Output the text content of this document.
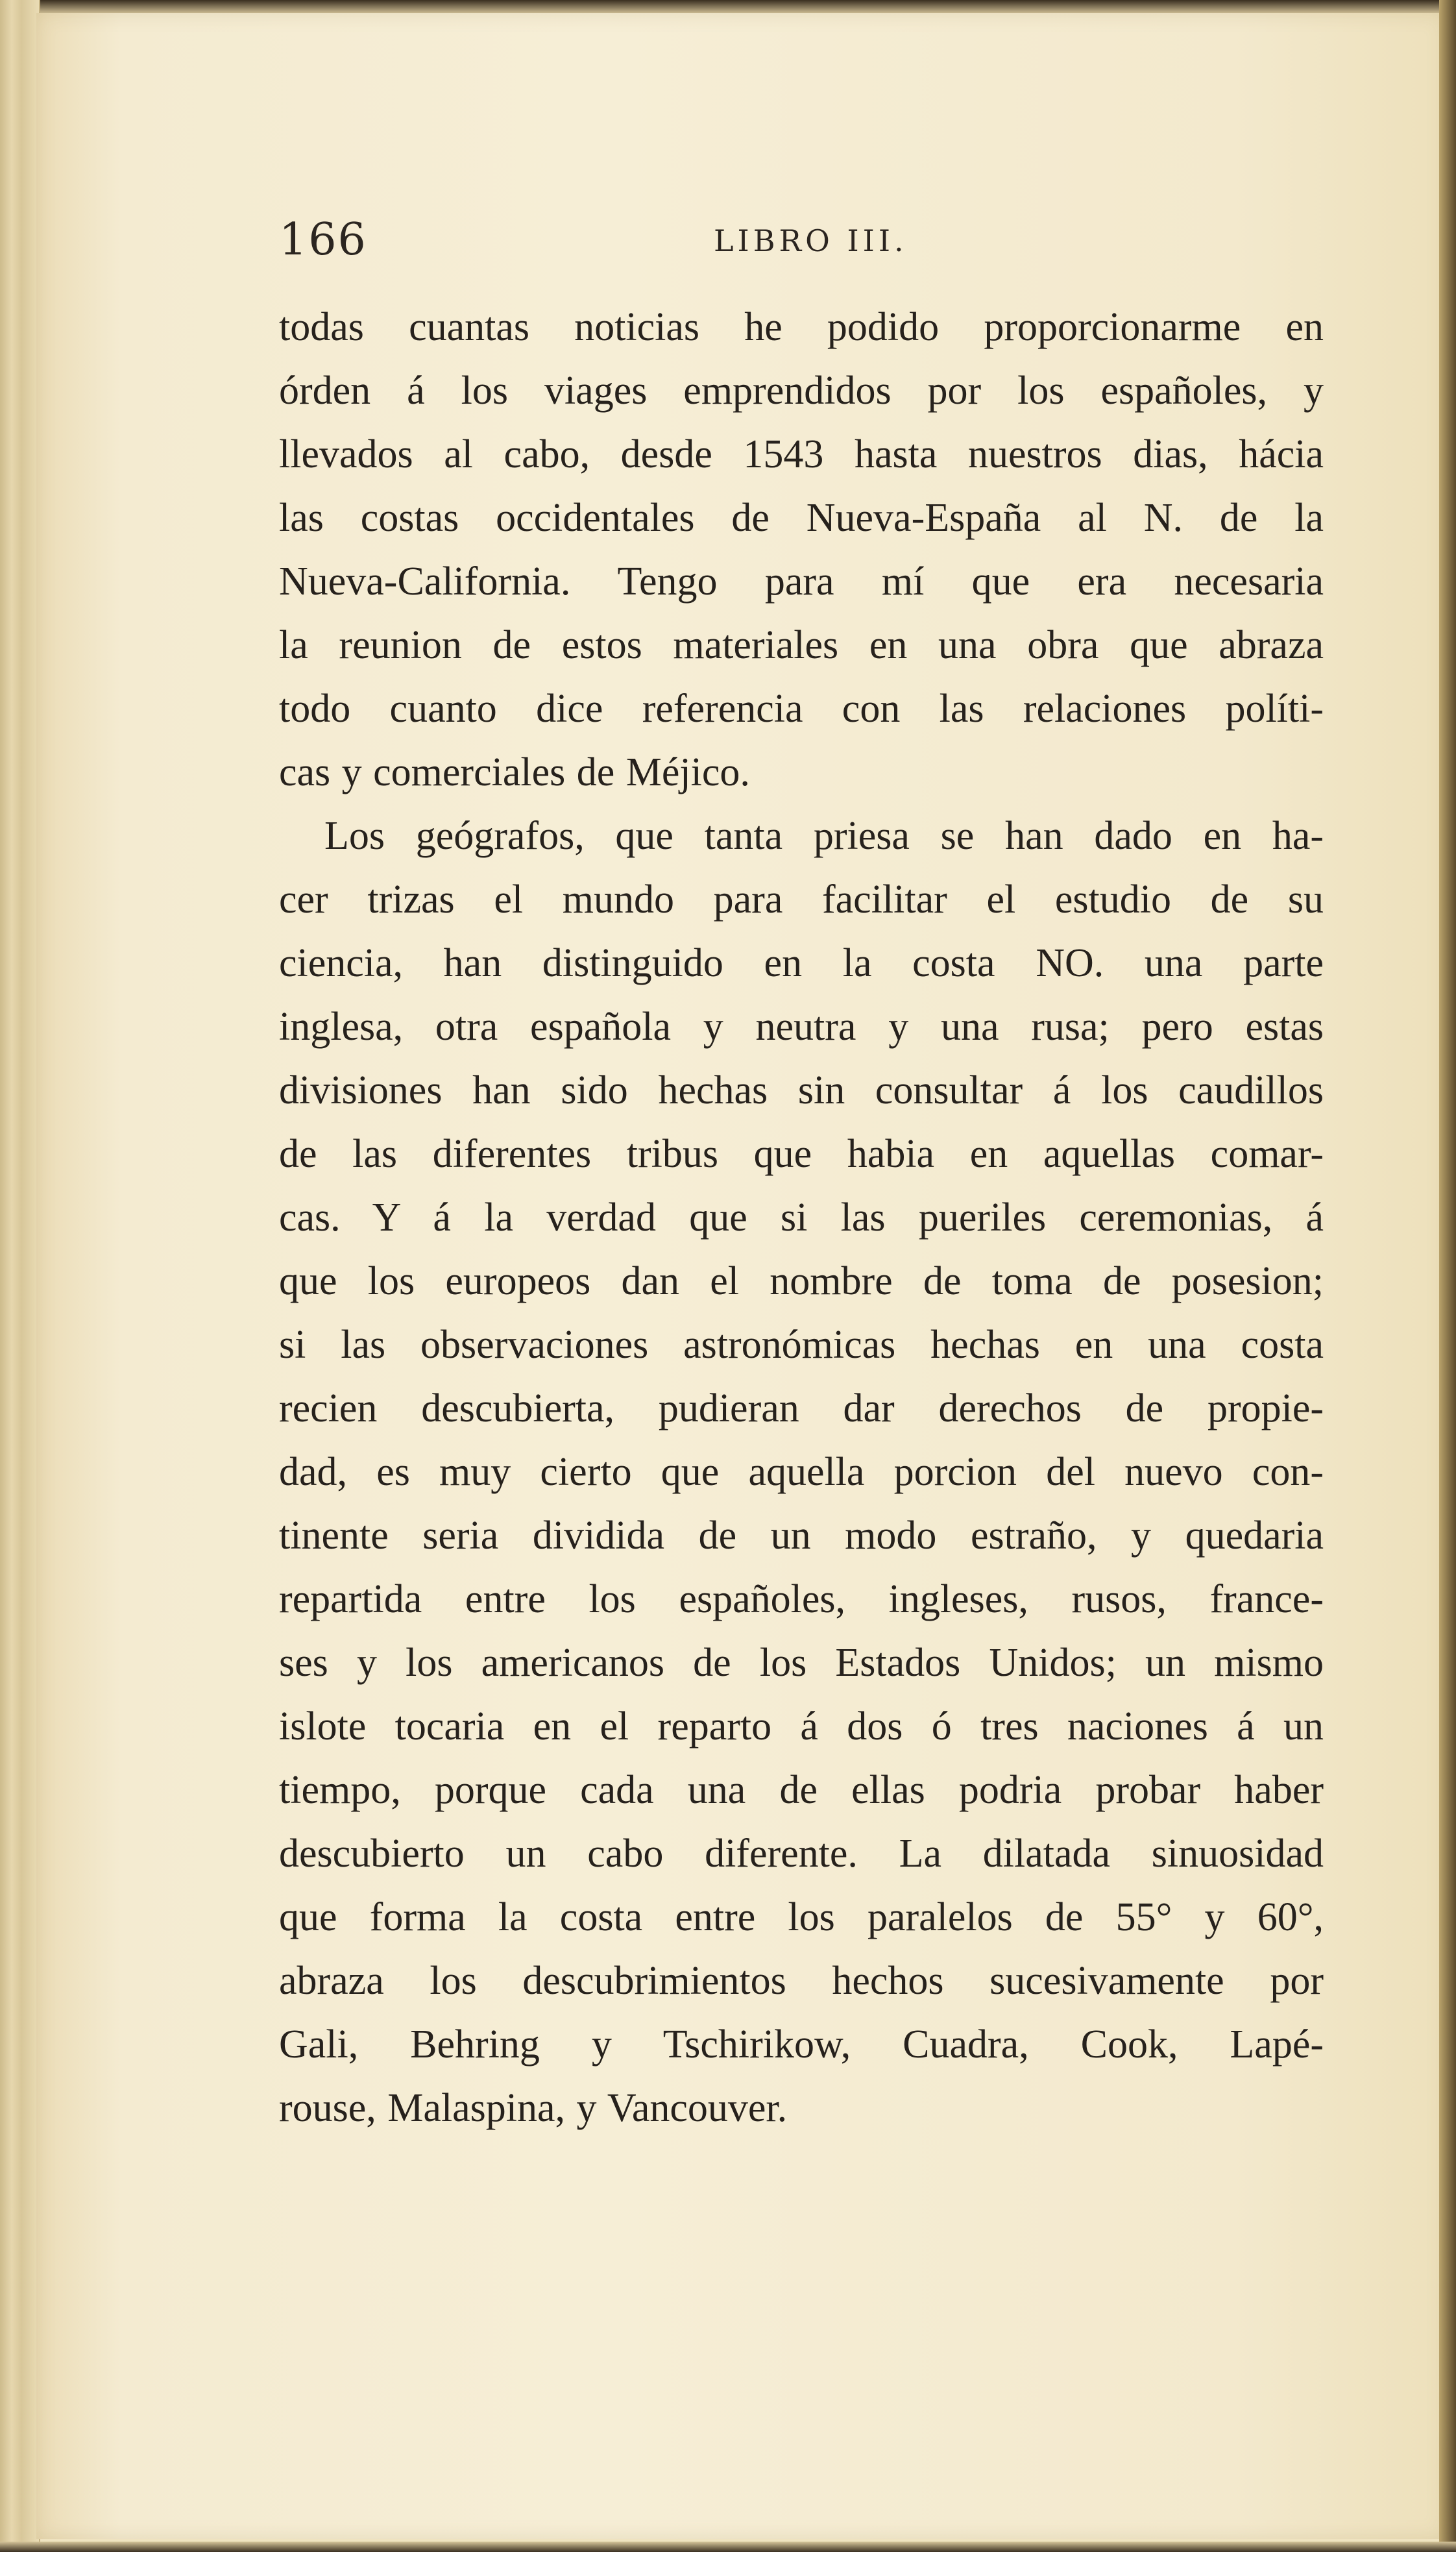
166	LIBRO III.
todas cuantas noticias he podido proporcionarme en
órden á los viages emprendidos por los españoles, y
llevados al cabo, desde 1543 hasta nuestros dias, hácia
las costas occidentales de Nueva-España al N. de la
Nueva-California. Tengo para mí que era necesaria
la reunion de estos materiales en una obra que abraza
todo cuanto dice referencia con las relaciones políti-
cas y comerciales de Méjico.
Los geógrafos, que tanta priesa se han dado en ha-
cer trizas el mundo para facilitar el estudio de su
ciencia, han distinguido en la costa NO. una parte
inglesa, otra española y neutra y una rusa; pero estas
divisiones han sido hechas sin consultar á los caudillos
de las diferentes tribus que habia en aquellas comar-
cas. Y á la verdad que si las pueriles ceremonias, á
que los europeos dan el nombre de toma de posesion;
si las observaciones astronómicas hechas en una costa
recien descubierta, pudieran dar derechos de propie-
dad, es muy cierto que aquella porcion del nuevo con-
tinente seria dividida de un modo estraño, y quedaria
repartida entre los españoles, ingleses, rusos, france-
ses y los americanos de los Estados Unidos; un mismo
islote tocaria en el reparto á dos ó tres naciones á un
tiempo, porque cada una de ellas podria probar haber
descubierto un cabo diferente. La dilatada sinuosidad
que forma la costa entre los paralelos de 55° y 60°,
abraza los descubrimientos hechos sucesivamente por
Gali, Behring y Tschirikow, Cuadra, Cook, Lapé-
rouse, Malaspina, y Vancouver.
